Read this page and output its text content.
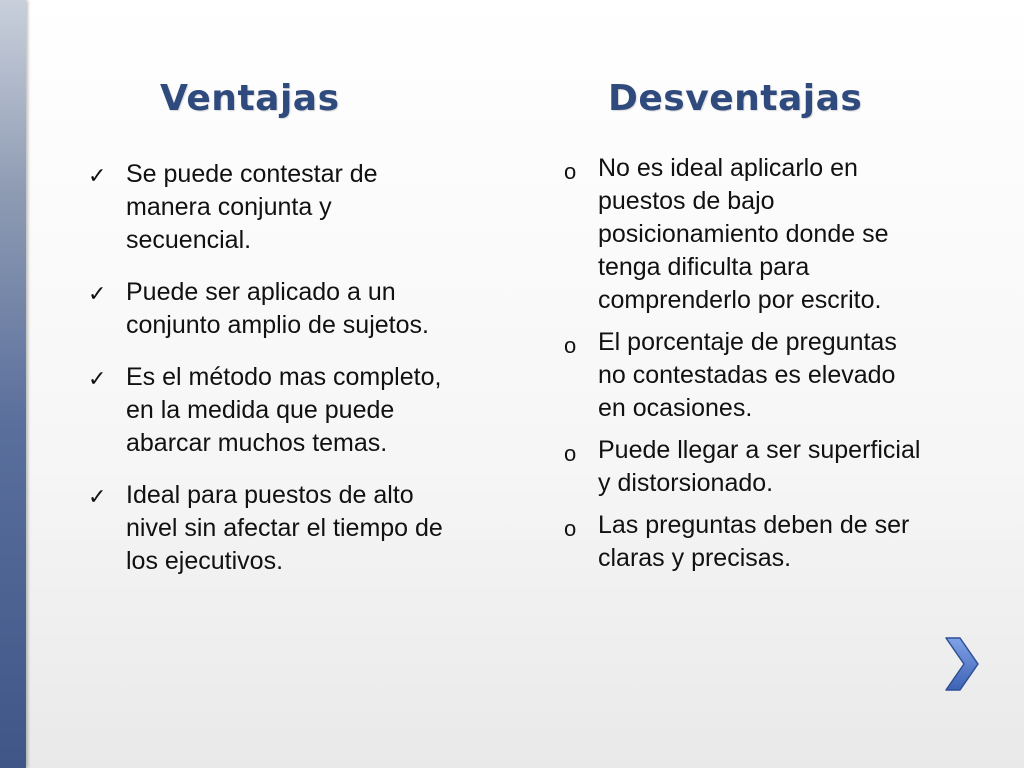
Ventajas	Desventajas
✓ Se puede contestar de manera conjunta y secuencial.
✓ Puede ser aplicado a un conjunto amplio de sujetos.
✓ Es el método mas completo, en la medida que puede abarcar muchos temas.
✓ Ideal para puestos de alto nivel sin afectar el tiempo de los ejecutivos.
o No es ideal aplicarlo en puestos de bajo posicionamiento donde se tenga dificulta para comprenderlo por escrito.
o El porcentaje de preguntas no contestadas es elevado en ocasiones.
o Puede llegar a ser superficial y distorsionado.
o Las preguntas deben de ser claras y precisas.
